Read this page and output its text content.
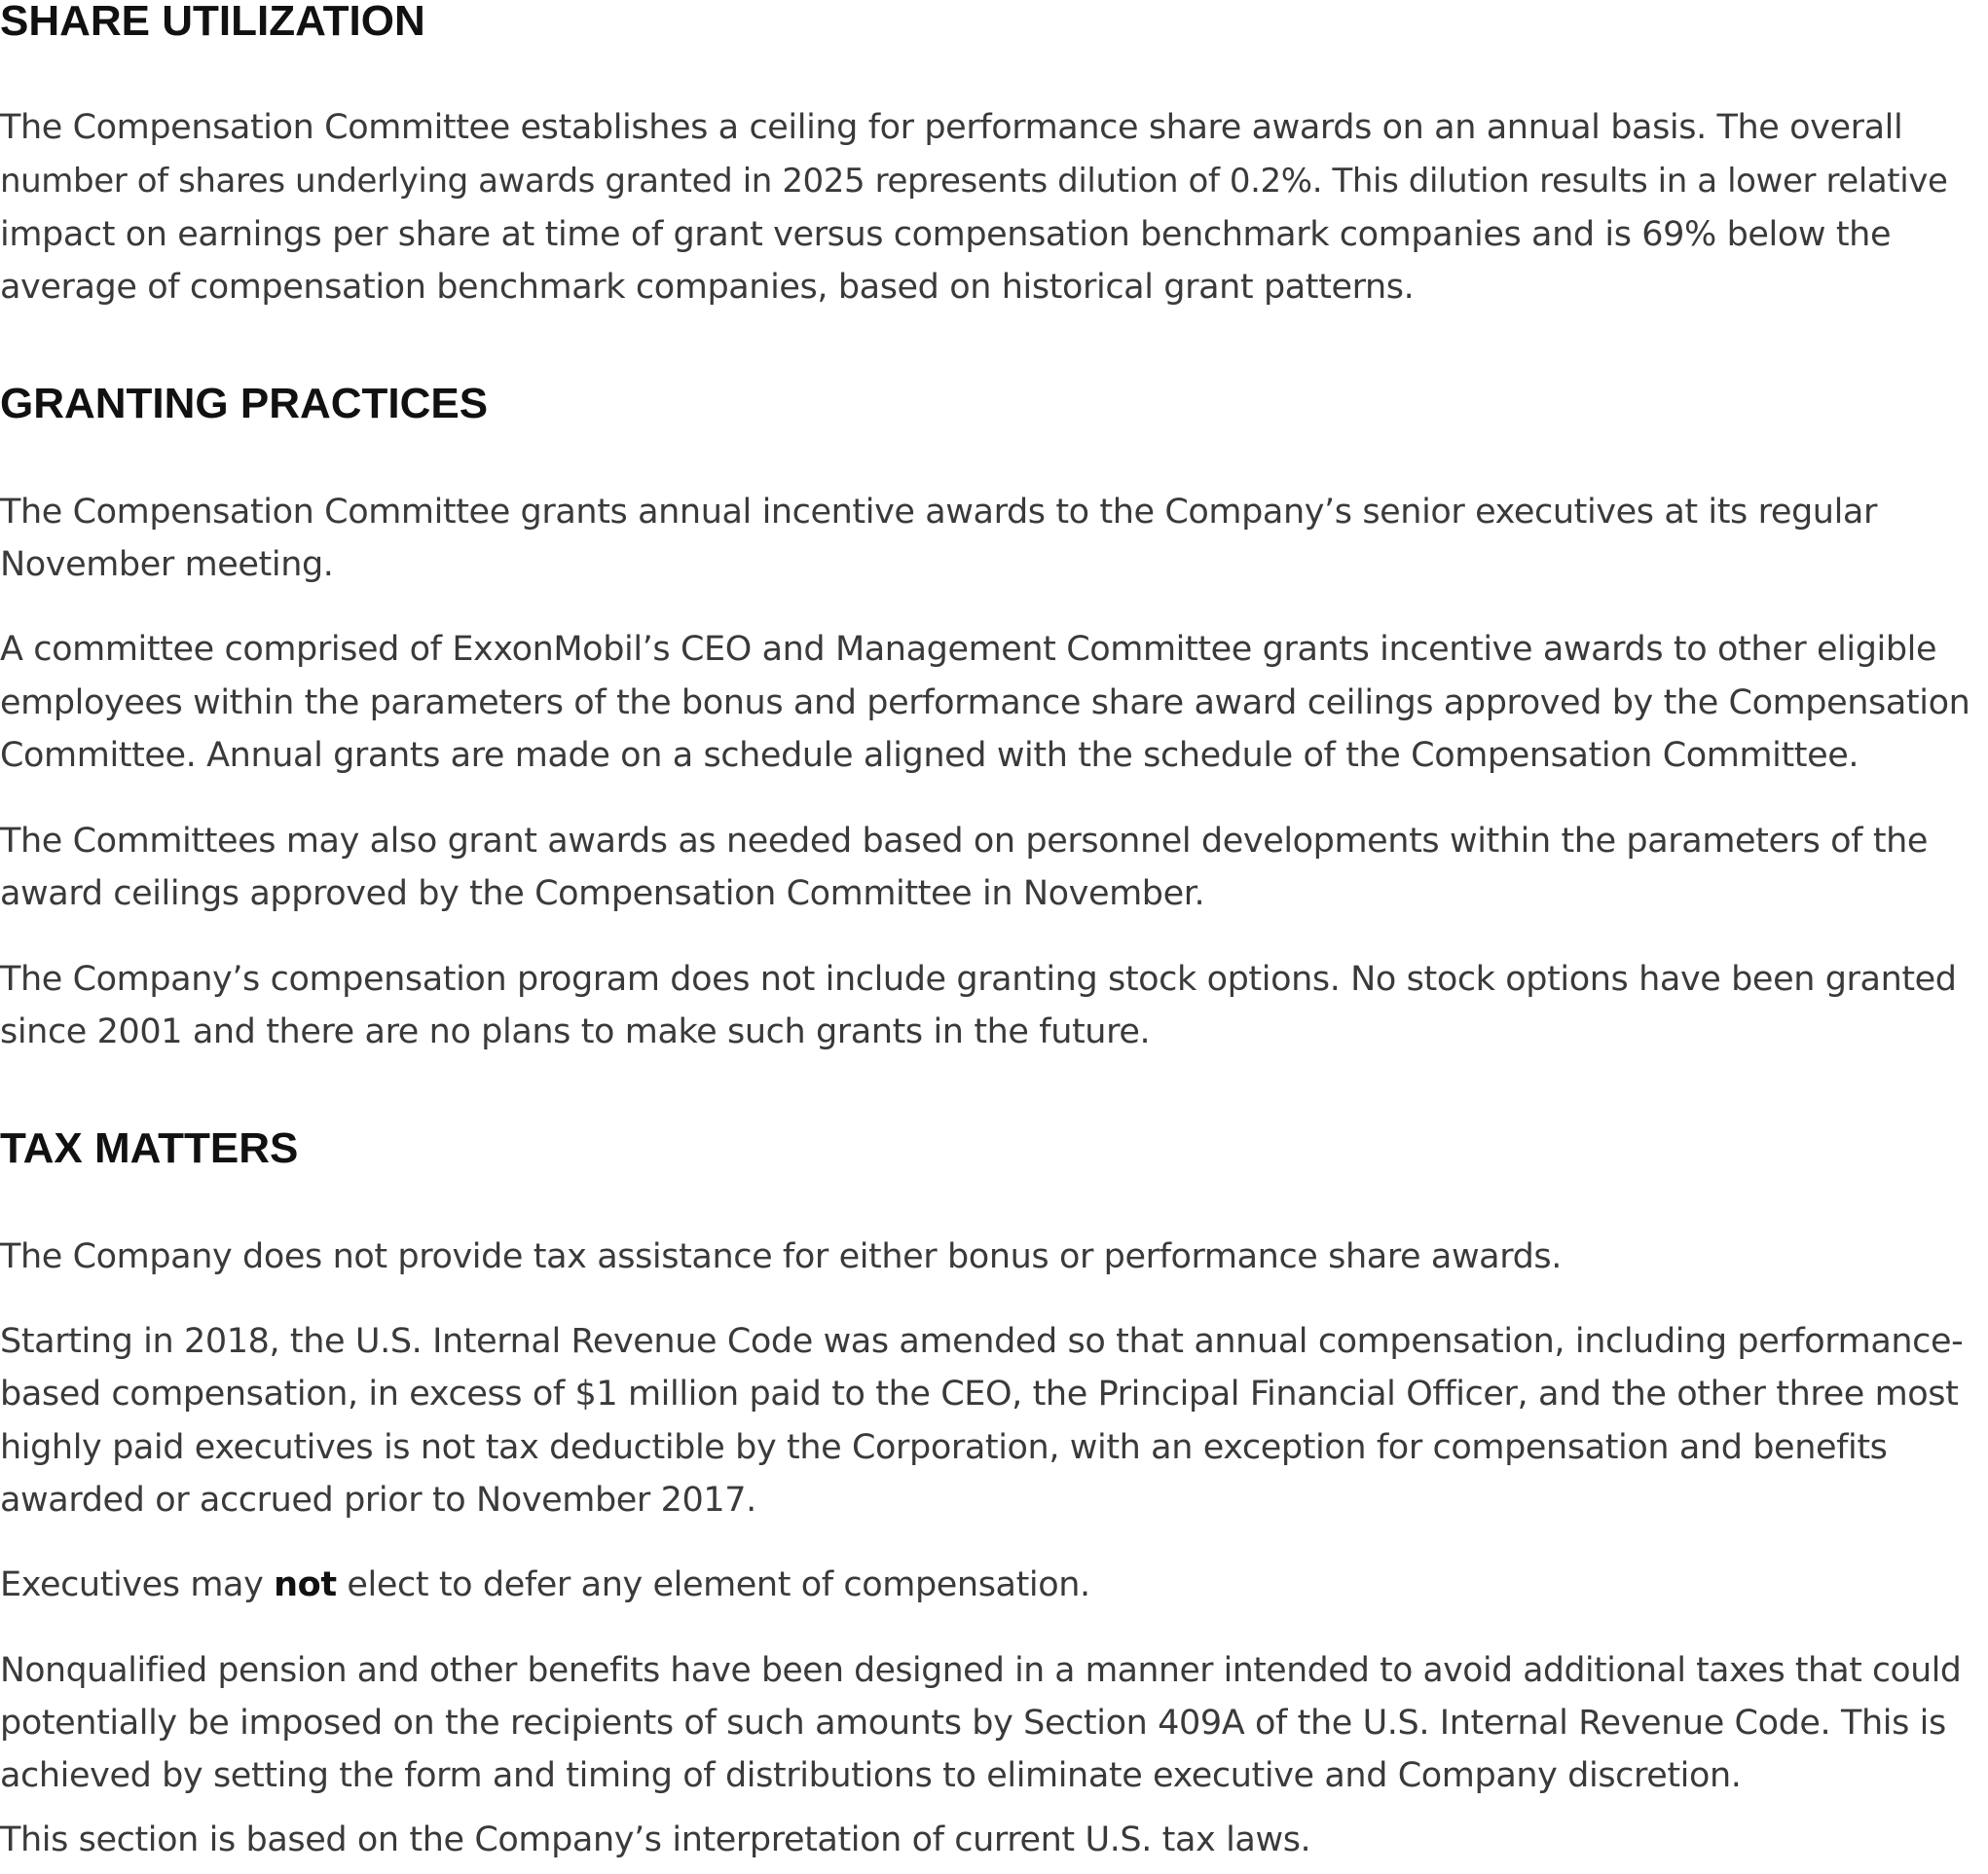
SHARE UTILIZATION

The Compensation Committee establishes a ceiling for performance share awards on an annual basis. The overall

number of shares underlying awards granted in 2025 represents dilution of 0.2%. This dilution results in a lower relative

impact on earnings per share at time of grant versus compensation benchmark companies and is 69% below the

average of compensation benchmark companies, based on historical grant patterns.

GRANTING PRACTICES

The Compensation Committee grants annual incentive awards to the Company’s senior executives at its regular

November meeting.

A committee comprised of ExxonMobil’s CEO and Management Committee grants incentive awards to other eligible

employees within the parameters of the bonus and performance share award ceilings approved by the Compensation

Committee. Annual grants are made on a schedule aligned with the schedule of the Compensation Committee.

The Committees may also grant awards as needed based on personnel developments within the parameters of the

award ceilings approved by the Compensation Committee in November.

The Company’s compensation program does not include granting stock options. No stock options have been granted

since 2001 and there are no plans to make such grants in the future.

TAX MATTERS

The Company does not provide tax assistance for either bonus or performance share awards.

Starting in 2018, the U.S. Internal Revenue Code was amended so that annual compensation, including performance-

based compensation, in excess of $1 million paid to the CEO, the Principal Financial Officer, and the other three most

highly paid executives is not tax deductible by the Corporation, with an exception for compensation and benefits

awarded or accrued prior to November 2017.

Executives may not elect to defer any element of compensation.

Nonqualified pension and other benefits have been designed in a manner intended to avoid additional taxes that could

potentially be imposed on the recipients of such amounts by Section 409A of the U.S. Internal Revenue Code. This is

achieved by setting the form and timing of distributions to eliminate executive and Company discretion.

This section is based on the Company’s interpretation of current U.S. tax laws.
